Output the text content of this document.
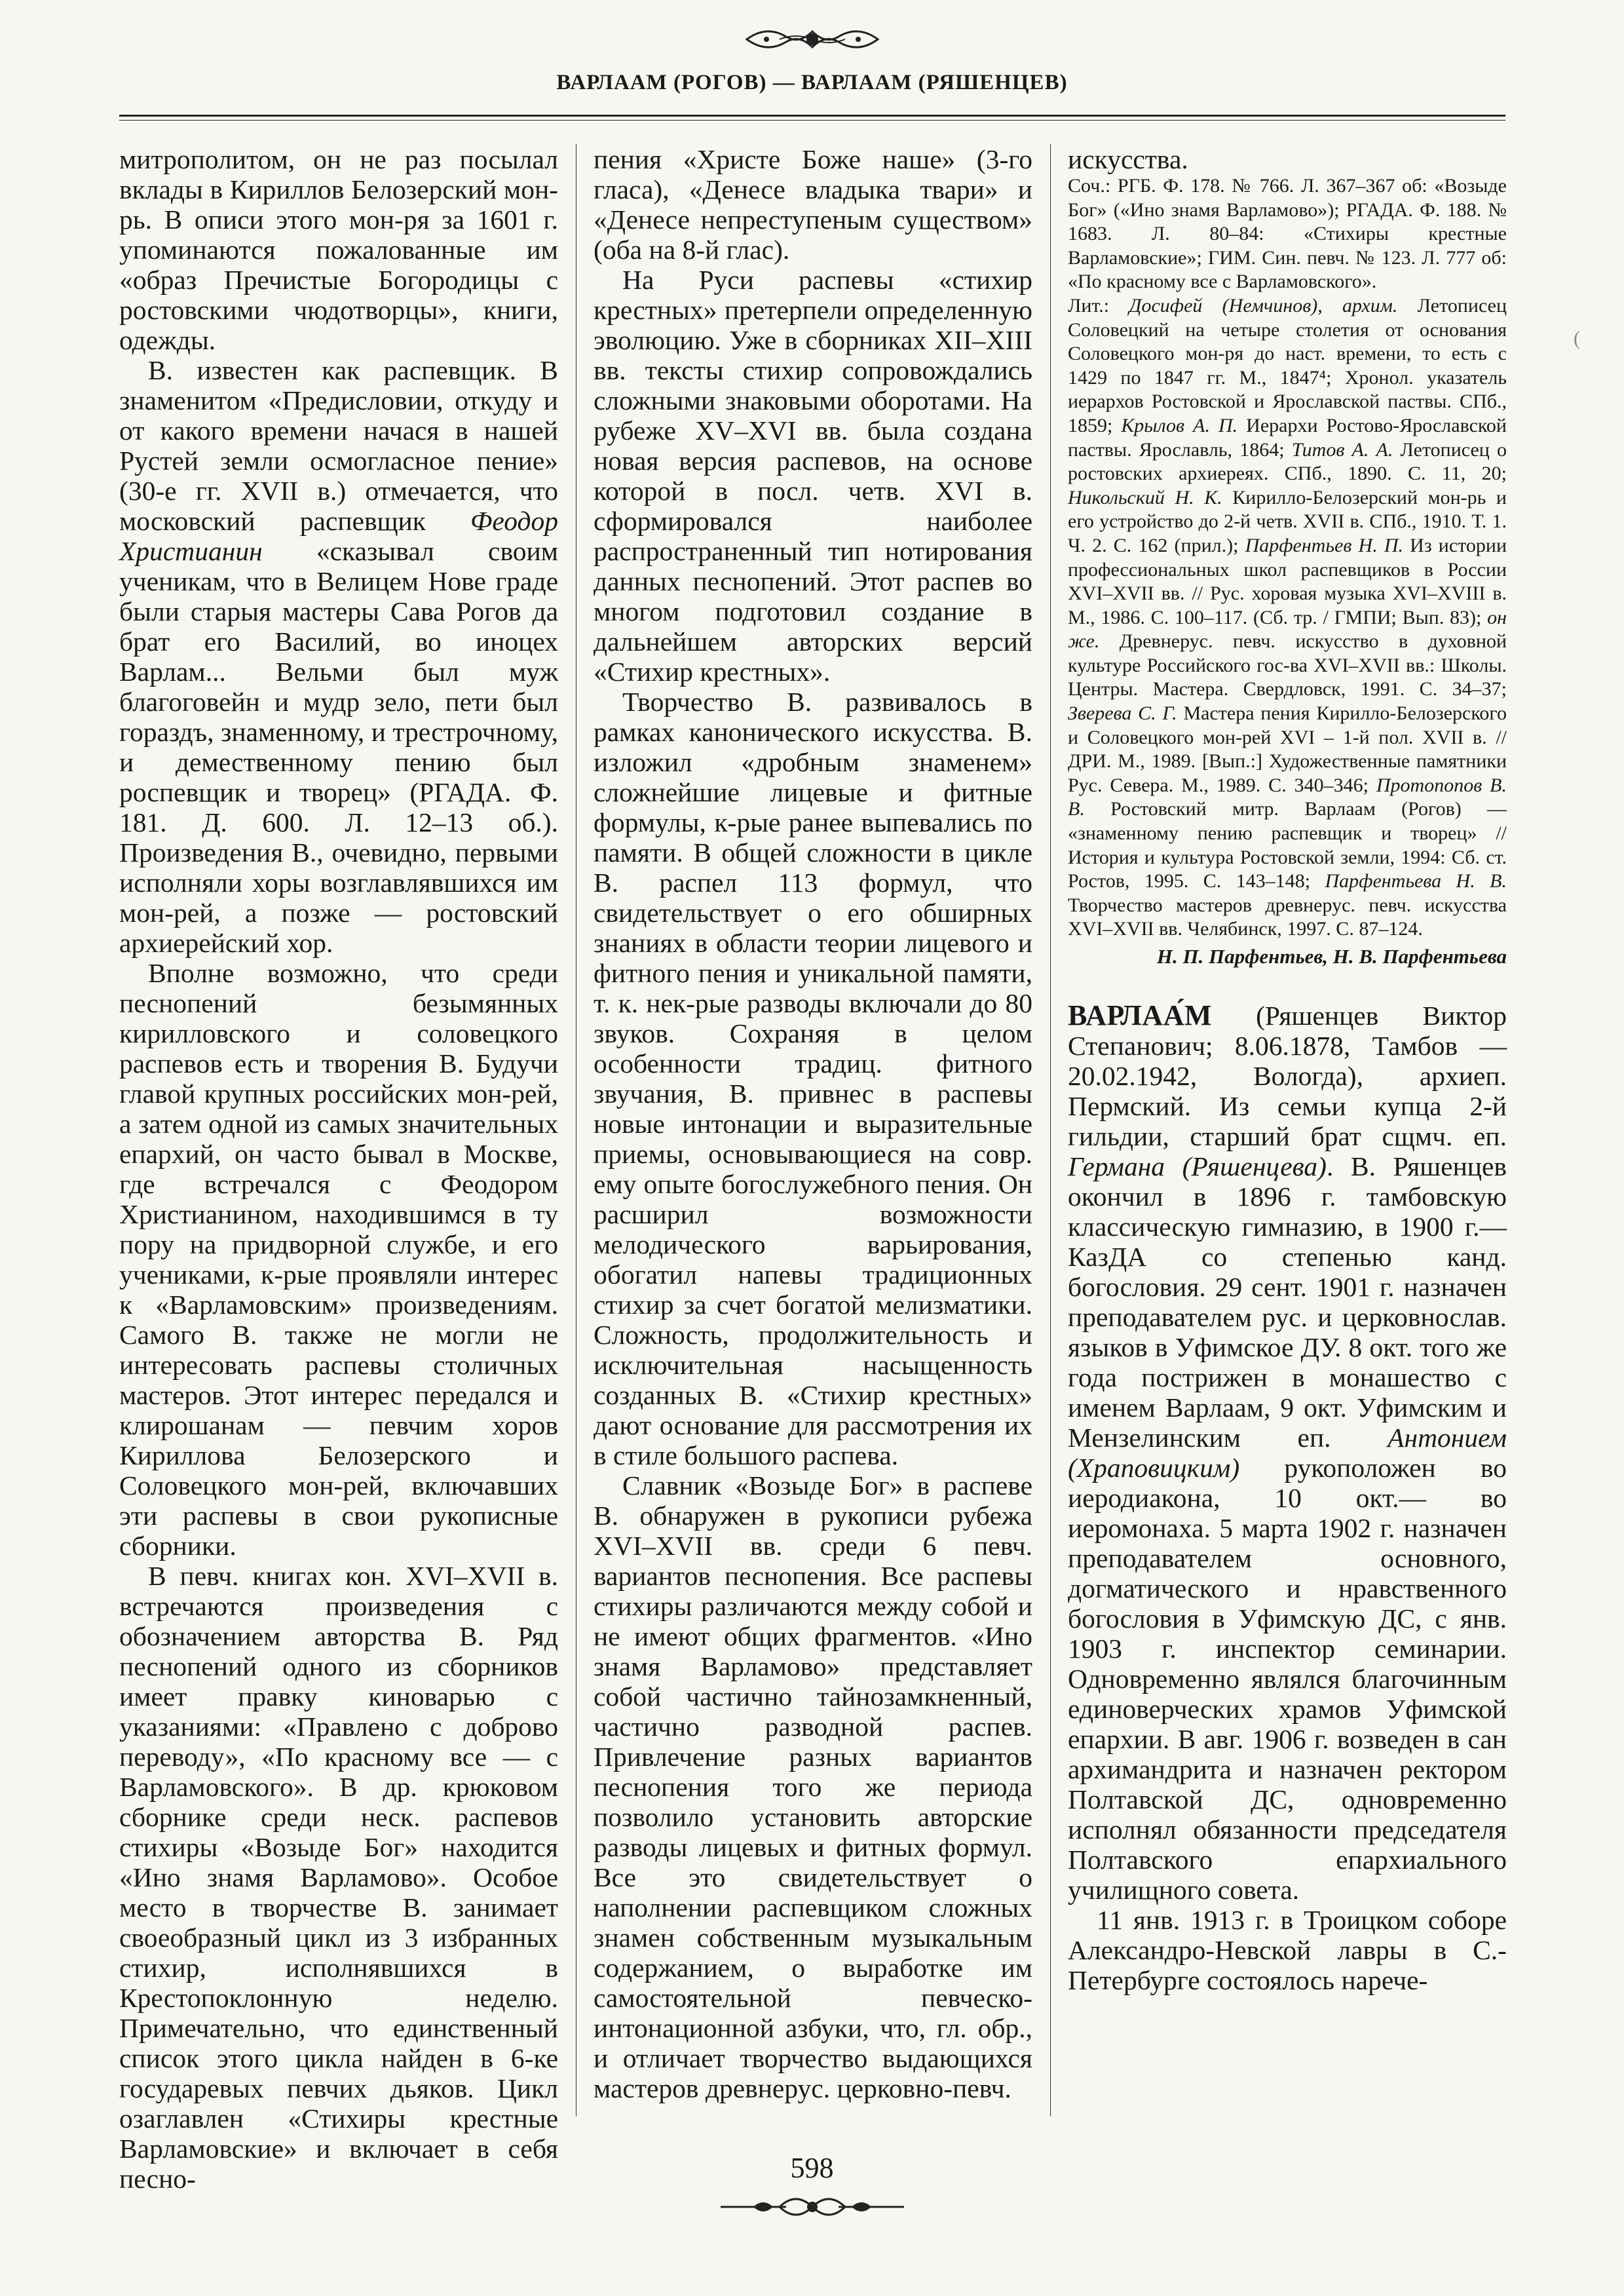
ВАРЛААМ (РОГОВ) — ВАРЛААМ (РЯШЕНЦЕВ)

митрополитом, он не раз посылал вклады в Кириллов Белозерский мон-рь. В описи этого мон-ря за 1601 г. упоминаются пожалованные им «образ Пречистые Богородицы с ростовскими чюдотворцы», книги, одежды.

В. известен как распевщик. В знаменитом «Предисловии, откуду и от какого времени начася в нашей Рустей земли осмогласное пение» (30-е гг. XVII в.) отмечается, что московский распевщик Феодор Христианин «сказывал своим ученикам, что в Велицем Нове граде были старыя мастеры Сава Рогов да брат его Василий, во иноцех Варлам... Вельми был муж благоговейн и мудр зело, пети был гораздъ, знаменному, и трестрочному, и демественному пению был роспевщик и творец» (РГАДА. Ф. 181. Д. 600. Л. 12–13 об.). Произведения В., очевидно, первыми исполняли хоры возглавлявшихся им мон-рей, а позже — ростовский архиерейский хор.

Вполне возможно, что среди песнопений безымянных кирилловского и соловецкого распевов есть и творения В. Будучи главой крупных российских мон-рей, а затем одной из самых значительных епархий, он часто бывал в Москве, где встречался с Феодором Христианином, находившимся в ту пору на придворной службе, и его учениками, к-рые проявляли интерес к «Варламовским» произведениям. Самого В. также не могли не интересовать распевы столичных мастеров. Этот интерес передался и клирошанам — певчим хоров Кириллова Белозерского и Соловецкого мон-рей, включавших эти распевы в свои рукописные сборники.

В певч. книгах кон. XVI–XVII в. встречаются произведения с обозначением авторства В. Ряд песнопений одного из сборников имеет правку киноварью с указаниями: «Правлено с доброво переводу», «По красному все — с Варламовского». В др. крюковом сборнике среди неск. распевов стихиры «Возыде Бог» находится «Ино знамя Варламово». Особое место в творчестве В. занимает своеобразный цикл из 3 избранных стихир, исполнявшихся в Крестопоклонную неделю. Примечательно, что единственный список этого цикла найден в 6-ке государевых певчих дьяков. Цикл озаглавлен «Стихиры крестные Варламовские» и включает в себя песно-

пения «Христе Боже наше» (3-го гласа), «Денесе владыка твари» и «Денесе непреступеным существом» (оба на 8-й глас).

На Руси распевы «стихир крестных» претерпели определенную эволюцию. Уже в сборниках XII–XIII вв. тексты стихир сопровождались сложными знаковыми оборотами. На рубеже XV–XVI вв. была создана новая версия распевов, на основе которой в посл. четв. XVI в. сформировался наиболее распространенный тип нотирования данных песнопений. Этот распев во многом подготовил создание в дальнейшем авторских версий «Стихир крестных».

Творчество В. развивалось в рамках канонического искусства. В. изложил «дробным знаменем» сложнейшие лицевые и фитные формулы, к-рые ранее выпевались по памяти. В общей сложности в цикле В. распел 113 формул, что свидетельствует о его обширных знаниях в области теории лицевого и фитного пения и уникальной памяти, т. к. нек-рые разводы включали до 80 звуков. Сохраняя в целом особенности традиц. фитного звучания, В. привнес в распевы новые интонации и выразительные приемы, основывающиеся на совр. ему опыте богослужебного пения. Он расширил возможности мелодического варьирования, обогатил напевы традиционных стихир за счет богатой мелизматики. Сложность, продолжительность и исключительная насыщенность созданных В. «Стихир крестных» дают основание для рассмотрения их в стиле большого распева.

Славник «Возыде Бог» в распеве В. обнаружен в рукописи рубежа XVI–XVII вв. среди 6 певч. вариантов песнопения. Все распевы стихиры различаются между собой и не имеют общих фрагментов. «Ино знамя Варламово» представляет собой частично тайнозамкненный, частично разводной распев. Привлечение разных вариантов песнопения того же периода позволило установить авторские разводы лицевых и фитных формул. Все это свидетельствует о наполнении распевщиком сложных знамен собственным музыкальным содержанием, о выработке им самостоятельной певческо-интонационной азбуки, что, гл. обр., и отличает творчество выдающихся мастеров древнерус. церковно-певч.

искусства.

Соч.: РГБ. Ф. 178. № 766. Л. 367–367 об: «Возыде Бог» («Ино знамя Варламово»); РГАДА. Ф. 188. № 1683. Л. 80–84: «Стихиры крестные Варламовские»; ГИМ. Син. певч. № 123. Л. 777 об: «По красному все с Варламовского».

Лит.: Досифей (Немчинов), архим. Летописец Соловецкий на четыре столетия от основания Соловецкого мон-ря до наст. времени, то есть с 1429 по 1847 гг. М., 1847⁴; Хронол. указатель иерархов Ростовской и Ярославской паствы. СПб., 1859; Крылов А. П. Иерархи Ростово-Ярославской паствы. Ярославль, 1864; Титов А. А. Летописец о ростовских архиереях. СПб., 1890. С. 11, 20; Никольский Н. К. Кирилло-Белозерский мон-рь и его устройство до 2-й четв. XVII в. СПб., 1910. Т. 1. Ч. 2. С. 162 (прил.); Парфентьев Н. П. Из истории профессиональных школ распевщиков в России XVI–XVII вв. // Рус. хоровая музыка XVI–XVIII в. М., 1986. С. 100–117. (Сб. тр. / ГМПИ; Вып. 83); он же. Древнерус. певч. искусство в духовной культуре Российского гос-ва XVI–XVII вв.: Школы. Центры. Мастера. Свердловск, 1991. С. 34–37; Зверева С. Г. Мастера пения Кирилло-Белозерского и Соловецкого мон-рей XVI – 1-й пол. XVII в. // ДРИ. М., 1989. [Вып.:] Художественные памятники Рус. Севера. М., 1989. С. 340–346; Протопопов В. В. Ростовский митр. Варлаам (Рогов) — «знаменному пению распевщик и творец» // История и культура Ростовской земли, 1994: Сб. ст. Ростов, 1995. С. 143–148; Парфентьева Н. В. Творчество мастеров древнерус. певч. искусства XVI–XVII вв. Челябинск, 1997. С. 87–124.

Н. П. Парфентьев, Н. В. Парфентьева

ВАРЛАА́М (Ряшенцев Виктор Степанович; 8.06.1878, Тамбов — 20.02.1942, Вологда), архиеп. Пермский. Из семьи купца 2-й гильдии, старший брат сщмч. еп. Германа (Ряшенцева). В. Ряшенцев окончил в 1896 г. тамбовскую классическую гимназию, в 1900 г.— КазДА со степенью канд. богословия. 29 сент. 1901 г. назначен преподавателем рус. и церковнослав. языков в Уфимское ДУ. 8 окт. того же года пострижен в монашество с именем Варлаам, 9 окт. Уфимским и Мензелинским еп. Антонием (Храповицким) рукоположен во иеродиакона, 10 окт.— во иеромонаха. 5 марта 1902 г. назначен преподавателем основного, догматического и нравственного богословия в Уфимскую ДС, с янв. 1903 г. инспектор семинарии. Одновременно являлся благочинным единоверческих храмов Уфимской епархии. В авг. 1906 г. возведен в сан архимандрита и назначен ректором Полтавской ДС, одновременно исполнял обязанности председателя Полтавского епархиального училищного совета.

11 янв. 1913 г. в Троицком соборе Александро-Невской лавры в С.-Петербурге состоялось нарече-

(
598
